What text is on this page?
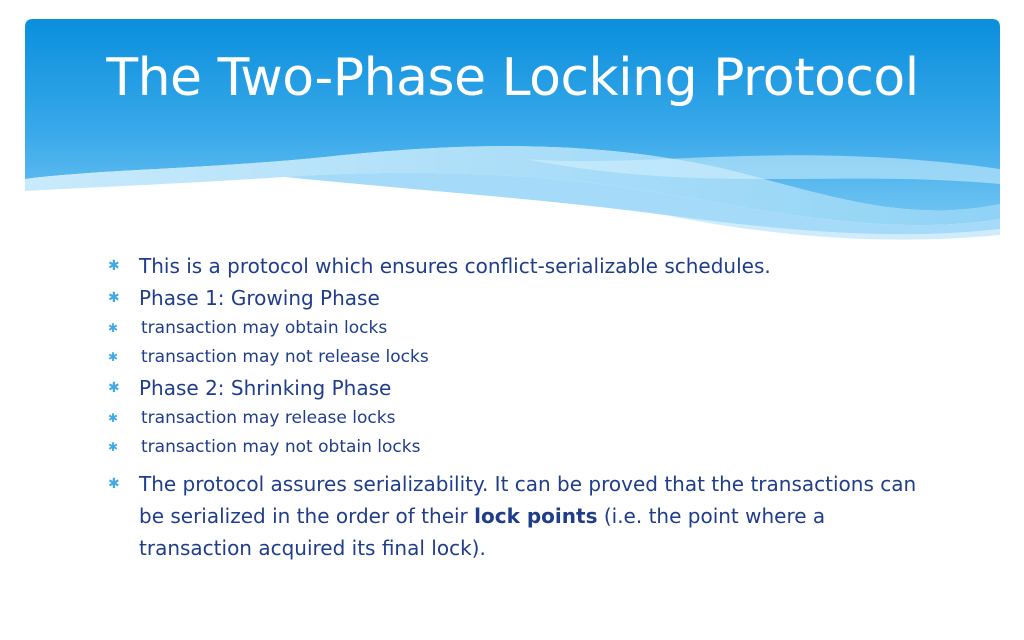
The Two-Phase Locking Protocol
✱ This is a protocol which ensures conflict-serializable schedules.
✱ Phase 1: Growing Phase
✱ transaction may obtain locks
✱ transaction may not release locks
✱ Phase 2: Shrinking Phase
✱ transaction may release locks
✱ transaction may not obtain locks
✱ The protocol assures serializability. It can be proved that the transactions can be serialized in the order of their lock points (i.e. the point where a transaction acquired its final lock).
